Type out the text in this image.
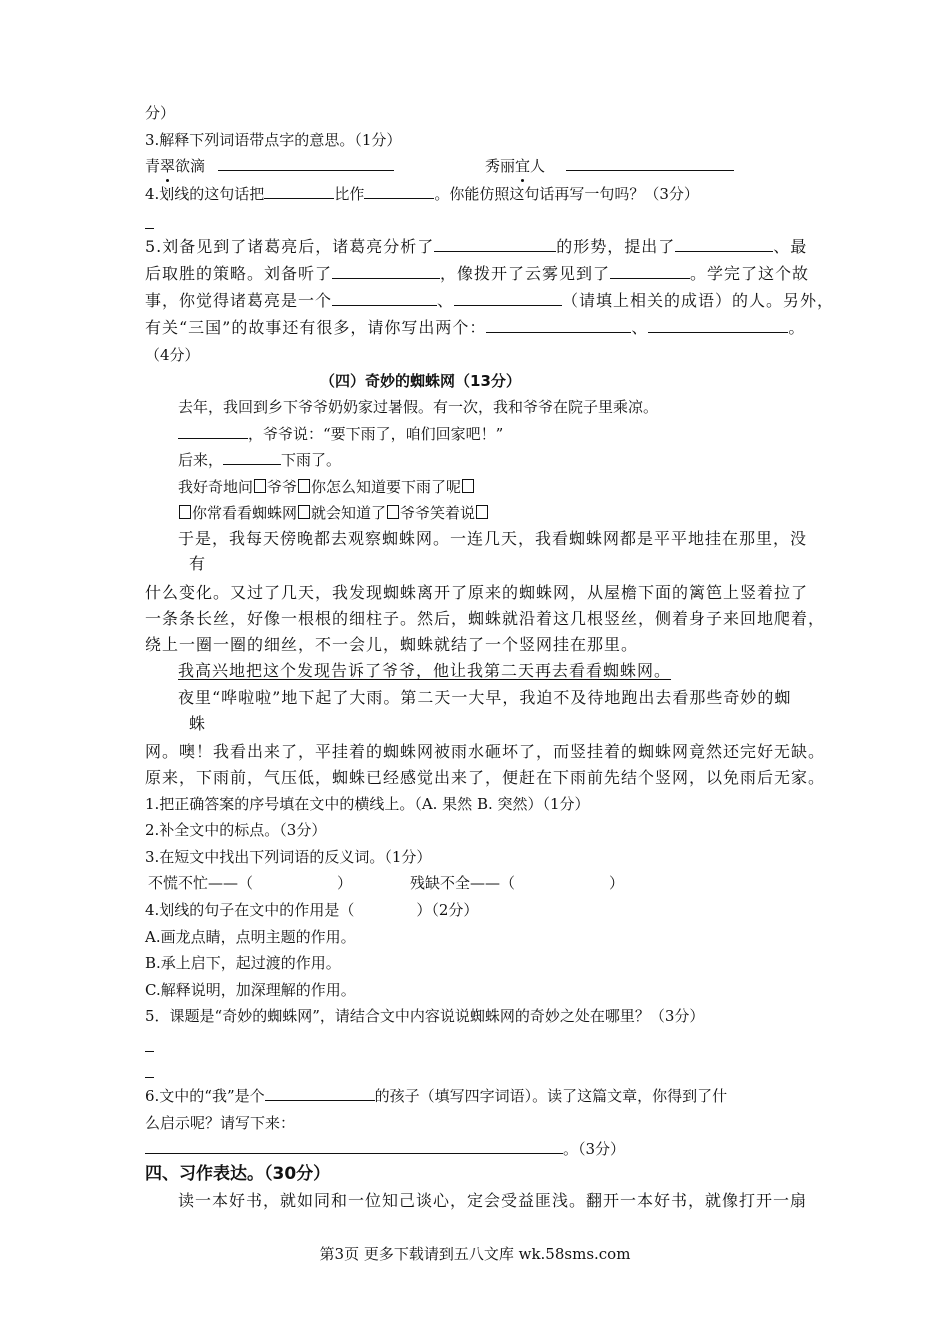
分）
3.解释下列词语带点字的意思。（1分）
青翠欲滴	秀丽宜人
4.划线的这句话把	比作	。你能仿照这句话再写一句吗？（3分）
5.刘备见到了诸葛亮后，诸葛亮分析了	的形势，提出了	、最
后取胜的策略。刘备听了	，像拨开了云雾见到了	。学完了这个故
事，你觉得诸葛亮是一个	、	（请填上相关的成语）的人。另外，
有关“三国”的故事还有很多，请你写出两个：	、	。
（4分）
（四）奇妙的蜘蛛网（13分）
去年，我回到乡下爷爷奶奶家过暑假。有一次，我和爷爷在院子里乘凉。
，爷爷说：“要下雨了，咱们回家吧！”
后来，	下雨了。
我好奇地问 爷爷 你怎么知道要下雨了呢
你常看看蜘蛛网 就会知道了 爷爷笑着说
于是，我每天傍晚都去观察蜘蛛网。一连几天，我看蜘蛛网都是平平地挂在那里，没
有
什么变化。又过了几天，我发现蜘蛛离开了原来的蜘蛛网，从屋檐下面的篱笆上竖着拉了
一条条长丝，好像一根根的细柱子。然后，蜘蛛就沿着这几根竖丝，侧着身子来回地爬着，
绕上一圈一圈的细丝，不一会儿，蜘蛛就结了一个竖网挂在那里。
我高兴地把这个发现告诉了爷爷，他让我第二天再去看看蜘蛛网。
夜里“哗啦啦”地下起了大雨。第二天一大早，我迫不及待地跑出去看那些奇妙的蜘
蛛
网。噢！我看出来了，平挂着的蜘蛛网被雨水砸坏了，而竖挂着的蜘蛛网竟然还完好无缺。
原来，下雨前，气压低，蜘蛛已经感觉出来了，便赶在下雨前先结个竖网，以免雨后无家。
1.把正确答案的序号填在文中的横线上。（A. 果然 B. 突然）（1分）
2.补全文中的标点。（3分）
3.在短文中找出下列词语的反义词。（1分）
不慌不忙——（	）	残缺不全——（	）
4.划线的句子在文中的作用是（	）（2分）
A.画龙点睛，点明主题的作用。
B.承上启下，起过渡的作用。
C.解释说明，加深理解的作用。
5．课题是“奇妙的蜘蛛网”，请结合文中内容说说蜘蛛网的奇妙之处在哪里？（3分）
6.文中的“我”是个	的孩子（填写四字词语）。读了这篇文章，你得到了什
么启示呢？请写下来：
。（3分）
四、习作表达。（30分）
读一本好书，就如同和一位知己谈心，定会受益匪浅。翻开一本好书，就像打开一扇
第3页 更多下载请到五八文库 wk.58sms.com
